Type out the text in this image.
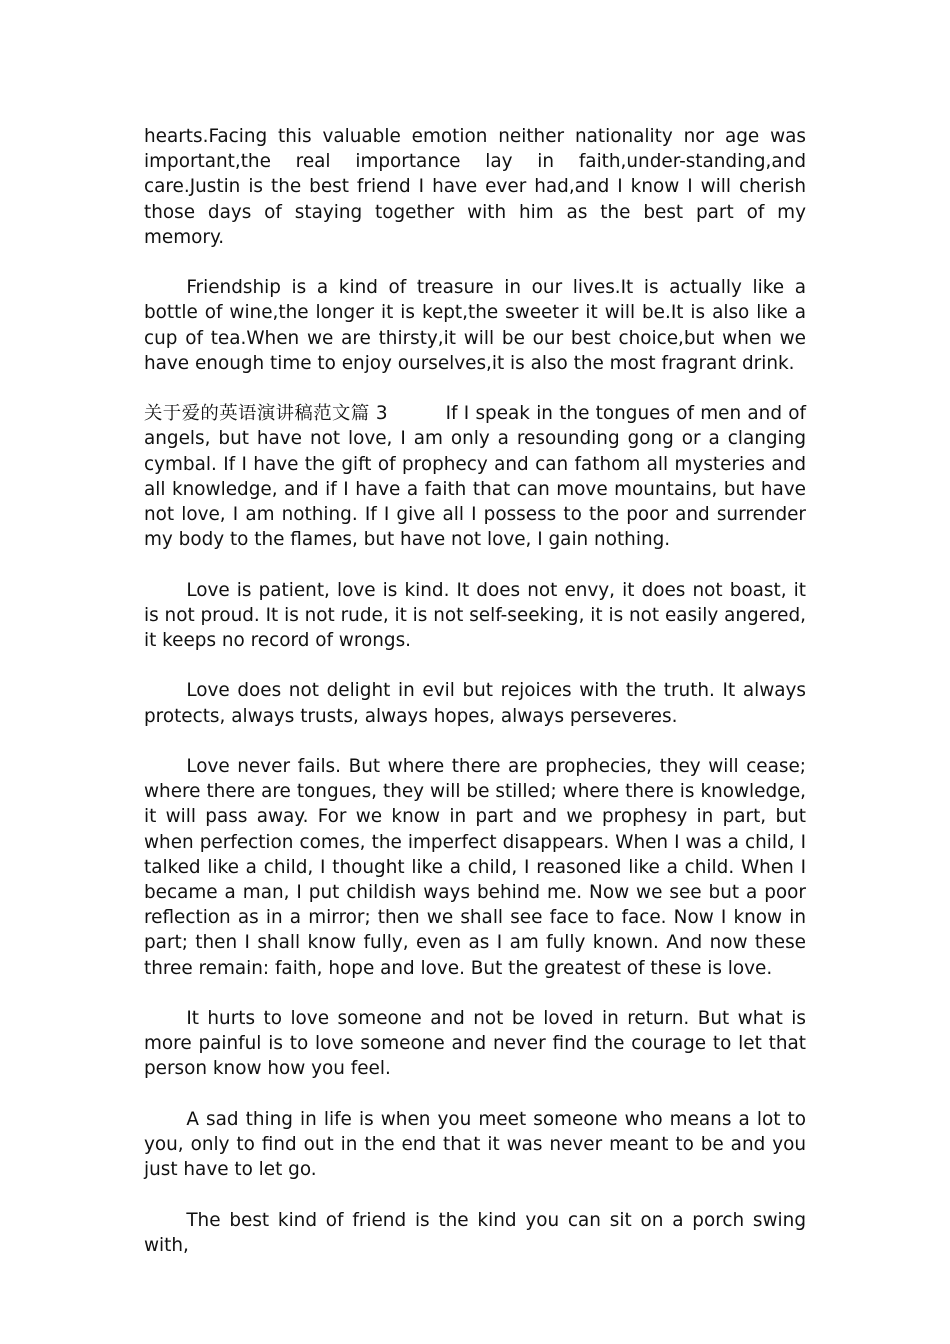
hearts.Facing this valuable emotion neither nationality nor age was important,the real importance lay in faith,under-standing,and care.Justin is the best friend I have ever had,and I know I will cherish those days of staying together with him as the best part of my memory.

Friendship is a kind of treasure in our lives.It is actually like a bottle of wine,the longer it is kept,the sweeter it will be.It is also like a cup of tea.When we are thirsty,it will be our best choice,but when we have enough time to enjoy ourselves,it is also the most fragrant drink.

关于爱的英语演讲稿范文篇 3	If I speak in the tongues of men and of angels, but have not love, I am only a resounding gong or a clanging cymbal. If I have the gift of prophecy and can fathom all mysteries and all knowledge, and if I have a faith that can move mountains, but have not love, I am nothing. If I give all I possess to the poor and surrender my body to the flames, but have not love, I gain nothing.

Love is patient, love is kind. It does not envy, it does not boast, it is not proud. It is not rude, it is not self-seeking, it is not easily angered, it keeps no record of wrongs.

Love does not delight in evil but rejoices with the truth. It always protects, always trusts, always hopes, always perseveres.

Love never fails. But where there are prophecies, they will cease; where there are tongues, they will be stilled; where there is knowledge, it will pass away. For we know in part and we prophesy in part, but when perfection comes, the imperfect disappears. When I was a child, I talked like a child, I thought like a child, I reasoned like a child. When I became a man, I put childish ways behind me. Now we see but a poor reflection as in a mirror; then we shall see face to face. Now I know in part; then I shall know fully, even as I am fully known. And now these three remain: faith, hope and love. But the greatest of these is love.

It hurts to love someone and not be loved in return. But what is more painful is to love someone and never find the courage to let that person know how you feel.

A sad thing in life is when you meet someone who means a lot to you, only to find out in the end that it was never meant to be and you just have to let go.

The best kind of friend is the kind you can sit on a porch swing with,
